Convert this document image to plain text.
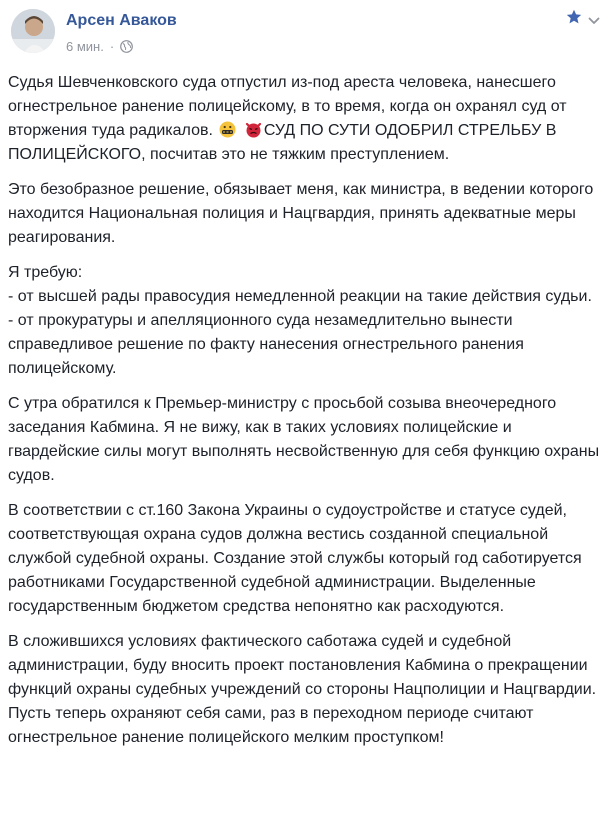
Арсен Аваков
6 мин. ·

Судья Шевченковского суда отпустил из-под ареста человека, нанесшего огнестрельное ранение полицейскому, в то время, когда он охранял суд от вторжения туда радикалов.	СУД ПО СУТИ ОДОБРИЛ СТРЕЛЬБУ В ПОЛИЦЕЙСКОГО, посчитав это не тяжким преступлением.

Это безобразное решение, обязывает меня, как министра, в ведении которого находится Национальная полиция и Нацгвардия, принять адекватные меры реагирования.

Я требую:
- от высшей рады правосудия немедленной реакции на такие действия судьи.
- от прокуратуры и апелляционного суда незамедлительно вынести справедливое решение по факту нанесения огнестрельного ранения полицейскому.

С утра обратился к Премьер-министру с просьбой созыва внеочередного заседания Кабмина. Я не вижу, как в таких условиях полицейские и гвардейские силы могут выполнять несвойственную для себя функцию охраны судов.

В соответствии с ст.160 Закона Украины о судоустройстве и статусе судей, соответствующая охрана судов должна вестись созданной специальной службой судебной охраны. Создание этой службы который год саботируется работниками Государственной судебной администрации. Выделенные государственным бюджетом средства непонятно как расходуются.

В сложившихся условиях фактического саботажа судей и судебной администрации, буду вносить проект постановления Кабмина о прекращении функций охраны судебных учреждений со стороны Нацполиции и Нацгвардии. Пусть теперь охраняют себя сами, раз в переходном периоде считают огнестрельное ранение полицейского мелким проступком!
